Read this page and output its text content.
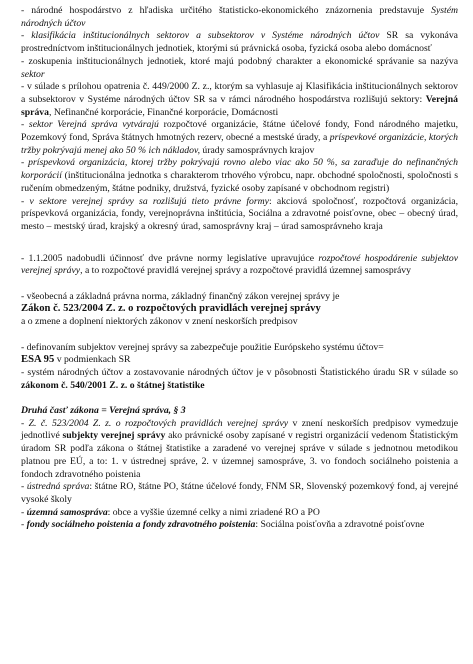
- národné hospodárstvo z hľadiska určitého štatisticko-ekonomického znázornenia predstavuje Systém národných účtov

- klasifikácia inštitucionálnych sektorov a subsektorov v Systéme národných účtov SR sa vykonáva prostredníctvom inštitucionálnych jednotiek, ktorými sú právnická osoba, fyzická osoba alebo domácnosť

- zoskupenia inštitucionálnych jednotiek, ktoré majú podobný charakter a ekonomické správanie sa nazýva sektor

- v súlade s prílohou opatrenia č. 449/2000 Z. z., ktorým sa vyhlasuje aj Klasifikácia inštitucionálnych sektorov a subsektorov v Systéme národných účtov SR sa v rámci národného hospodárstva rozlišujú sektory: Verejná správa, Nefinančné korporácie, Finančné korporácie, Domácnosti

- sektor Verejná správa vytvárajú rozpočtové organizácie, štátne účelové fondy, Fond národného majetku, Pozemkový fond, Správa štátnych hmotných rezerv, obecné a mestské úrady, a príspevkové organizácie, ktorých tržby pokrývajú menej ako 50 % ich nákladov, úrady samosprávnych krajov

- príspevková organizácia, ktorej tržby pokrývajú rovno alebo viac ako 50 %, sa zaraďuje do nefinančných korporácií (inštitucionálna jednotka s charakterom trhového výrobcu, napr. obchodné spoločnosti, spoločnosti s ručením obmedzeným, štátne podniky, družstvá, fyzické osoby zapísané v obchodnom registri)

- v sektore verejnej správy sa rozlišujú tieto právne formy: akciová spoločnosť, rozpočtová organizácia, príspevková organizácia, fondy, verejnoprávna inštitúcia, Sociálna a zdravotné poisťovne, obec – obecný úrad, mesto – mestský úrad, krajský a okresný úrad, samosprávny kraj – úrad samosprávneho kraja

- 1.1.2005 nadobudli účinnosť dve právne normy legislatíve upravujúce rozpočtové hospodárenie subjektov verejnej správy, a to rozpočtové pravidlá verejnej správy a rozpočtové pravidlá územnej samosprávy

- všeobecná a základná právna norma, základný finančný zákon verejnej správy je
Zákon č. 523/2004 Z. z. o rozpočtových pravidlách verejnej správy
a o zmene a doplnení niektorých zákonov v znení neskorších predpisov

- definovaním subjektov verejnej správy sa zabezpečuje použitie Európskeho systému účtov=
ESA 95 v podmienkach SR

- systém národných účtov a zostavovanie národných účtov je v pôsobnosti Štatistického úradu SR v súlade so zákonom č. 540/2001 Z. z. o štátnej štatistike

Druhá časť zákona = Verejná správa, § 3

- Z. č. 523/2004 Z. z. o rozpočtových pravidlách verejnej správy v znení neskorších predpisov vymedzuje jednotlivé subjekty verejnej správy ako právnické osoby zapísané v registri organizácií vedenom Štatistickým úradom SR podľa zákona o štátnej štatistike a zaradené vo verejnej správe v súlade s jednotnou metodikou platnou pre EÚ, a to: 1. v ústrednej správe, 2. v územnej samospráve, 3. vo fondoch sociálneho poistenia a fondoch zdravotného poistenia

- ústredná správa: štátne RO, štátne PO, štátne účelové fondy, FNM SR, Slovenský pozemkový fond, aj verejné vysoké školy

- územná samospráva: obce a vyššie územné celky a nimi zriadené RO a PO

- fondy sociálneho poistenia a fondy zdravotného poistenia: Sociálna poisťovňa a zdravotné poisťovne
